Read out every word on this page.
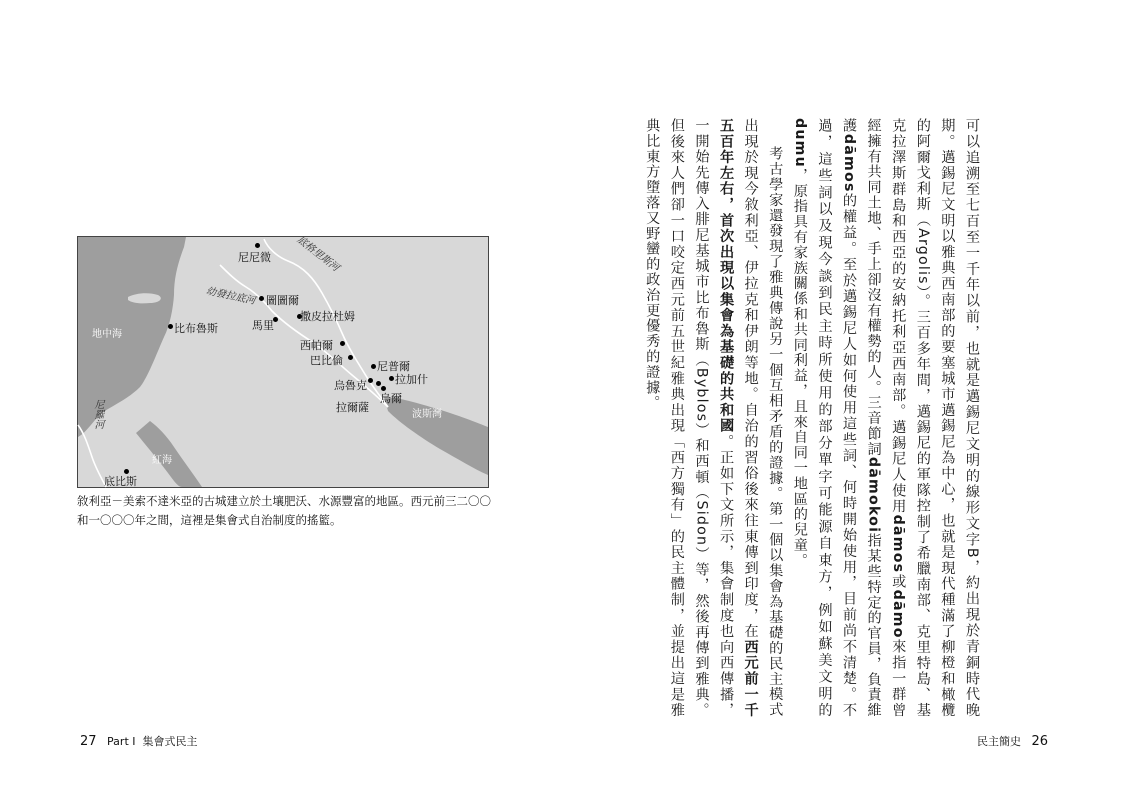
地中海
紅海
波斯灣
底格里斯河
幼發拉底河
尼羅河
尼尼微
圖圖爾
馬里
撒皮拉杜姆
比布魯斯
西帕爾
巴比倫	尼普爾
烏魯克	拉加什
烏爾
拉爾薩
底比斯
敘利亞－美索不達米亞的古城建立於土壤肥沃、水源豐富的地區。西元前三二〇〇和一〇〇〇年之間，這裡是集會式自治制度的搖籃。
27 Part I 集會式民主

可以追溯至七百至一千年以前，也就是邁錫尼文明的線形文字B，約出現於青銅時代晚期。邁錫尼文明以雅典西南部的要塞城市邁錫尼為中心，也就是現代種滿了柳橙和橄欖的阿爾戈利斯（Argolis）。三百多年間，邁錫尼的軍隊控制了希臘南部、克里特島、基克拉澤斯群島和西亞的安納托利亞西南部。邁錫尼人使用dāmos或dāmo來指一群曾經擁有共同土地、手上卻沒有權勢的人。三音節詞dāmokoi指某些特定的官員，負責維護dāmos的權益。至於邁錫尼人如何使用這些詞、何時開始使用，目前尚不清楚。不過，這些詞以及現今談到民主時所使用的部分單字可能源自東方，例如蘇美文明的dumu，原指具有家族關係和共同利益，且來自同一地區的兒童。

考古學家還發現了雅典傳說另一個互相矛盾的證據。第一個以集會為基礎的民主模式出現於現今敘利亞、伊拉克和伊朗等地。自治的習俗後來往東傳到印度，在西元前一千五百年左右，首次出現以集會為基礎的共和國。正如下文所示，集會制度也向西傳播，一開始先傳入腓尼基城市比布魯斯（Byblos）和西頓（Sidon）等，然後再傳到雅典。但後來人們卻一口咬定西元前五世紀雅典出現「西方獨有」的民主體制，並提出這是雅典比東方墮落又野蠻的政治更優秀的證據。

民主簡史 26
